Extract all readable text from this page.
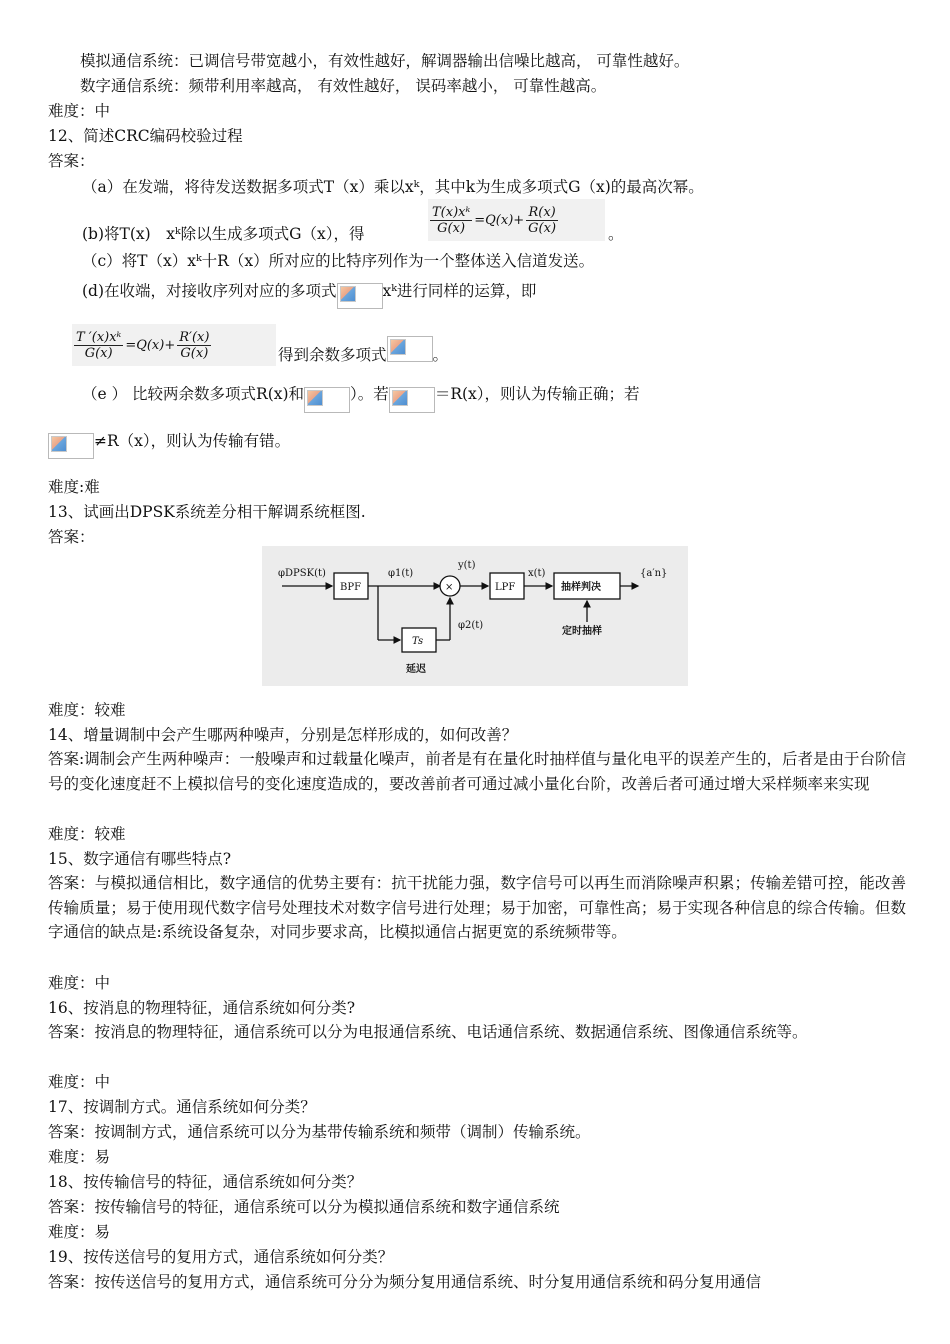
模拟通信系统：已调信号带宽越小，有效性越好，解调器输出信噪比越高， 可靠性越好。
数字通信系统：频带利用率越高， 有效性越好， 误码率越小， 可靠性越高。
难度：中
12、简述CRC编码校验过程
答案：
（a）在发端，将待发送数据多项式T（x）乘以xᵏ，其中k为生成多项式G（x)的最高次幂。
(b)将T(x)　xᵏ除以生成多项式G（x），得	$\frac{\text{T(x)xᵏ}}{G(x)} =Q(x)+ \frac{R(x)}{G(x)}$	。
（c）将T（x）xᵏ十R（x）所对应的比特序列作为一个整体送入信道发送。
(d)在收端，对接收序列对应的多项式	xᵏ进行同样的运算，即
$\frac{\text{T ′(x)xᵏ}}{G(x)} =Q(x)+ \frac{R'(x)}{G(x)}$	得到余数多项式	。
（e ） 比较两余数多项式R(x)和	）。若	＝R(x），则认为传输正确；若
≠R（x），则认为传输有错。
难度:难
13、试画出DPSK系统差分相干解调系统框图.
答案：
φDPSK(t)
BPF
φ1(t)
×
y(t)
LPF
x(t)
抽样判决
{a′n}
φ2(t)
Ts
延迟
定时抽样
难度：较难
14、增量调制中会产生哪两种噪声，分别是怎样形成的，如何改善？
答案:调制会产生两种噪声：一般噪声和过载量化噪声，前者是有在量化时抽样值与量化电平的误差产生的，后者是由于台阶信号的变化速度赶不上模拟信号的变化速度造成的，要改善前者可通过减小量化台阶，改善后者可通过增大采样频率来实现
难度：较难
15、数字通信有哪些特点?
答案：与模拟通信相比，数字通信的优势主要有：抗干扰能力强，数字信号可以再生而消除噪声积累；传输差错可控，能改善传输质量；易于使用现代数字信号处理技术对数字信号进行处理；易于加密，可靠性高；易于实现各种信息的综合传输。但数字通信的缺点是:系统设备复杂，对同步要求高，比模拟通信占据更宽的系统频带等。
难度：中
16、按消息的物理特征，通信系统如何分类?
答案：按消息的物理特征，通信系统可以分为电报通信系统、电话通信系统、数据通信系统、图像通信系统等。
难度：中
17、按调制方式。通信系统如何分类？
答案：按调制方式，通信系统可以分为基带传输系统和频带（调制）传输系统。
难度：易
18、按传输信号的特征，通信系统如何分类？
答案：按传输信号的特征，通信系统可以分为模拟通信系统和数字通信系统
难度：易
19、按传送信号的复用方式，通信系统如何分类？
答案：按传送信号的复用方式，通信系统可分分为频分复用通信系统、时分复用通信系统和码分复用通信
